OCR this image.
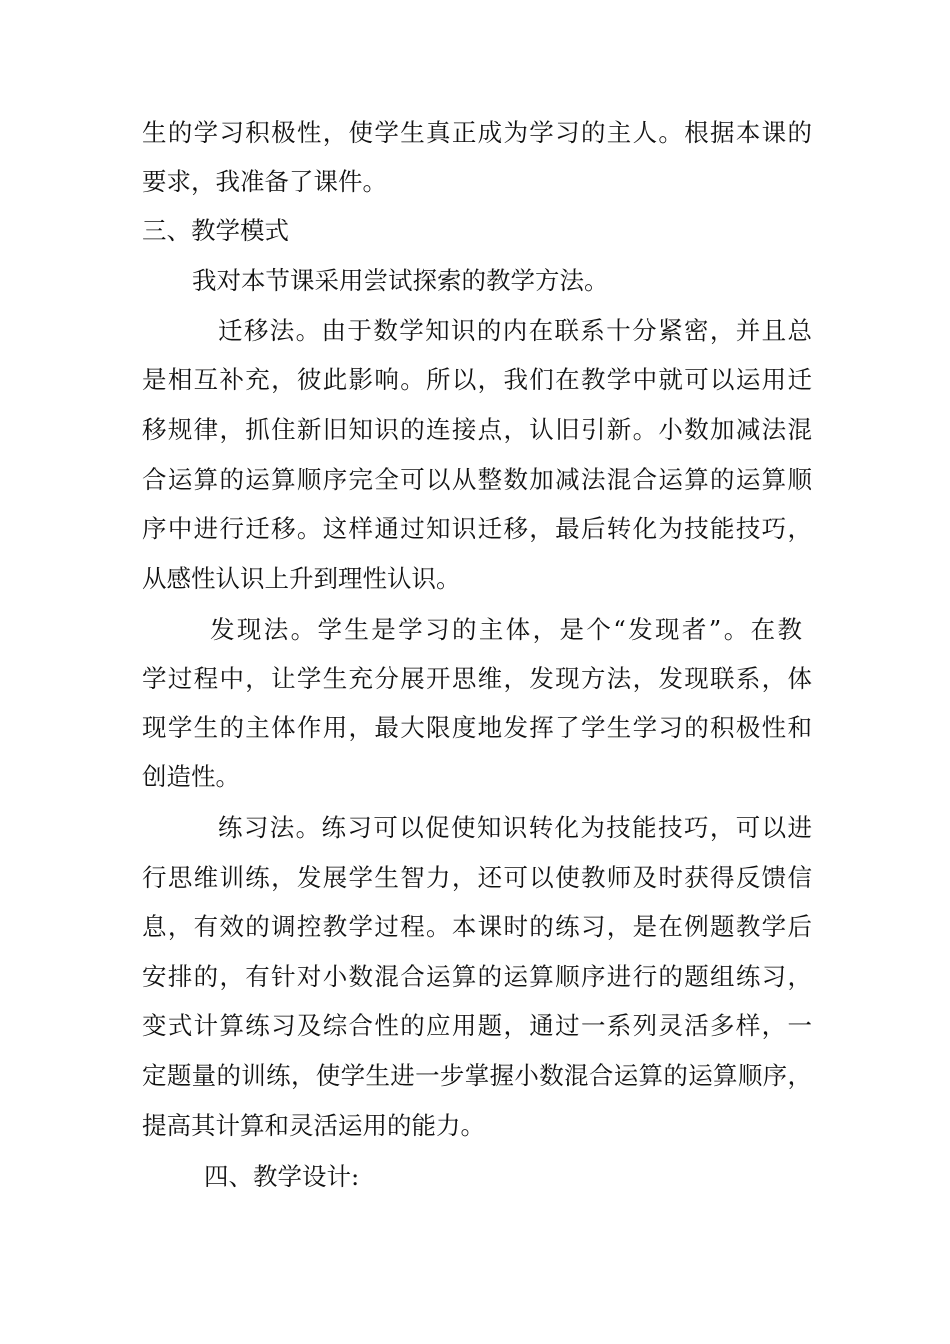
生的学习积极性，使学生真正成为学习的主人。根据本课的
要求，我准备了课件。
三、教学模式
我对本节课采用尝试探索的教学方法。
迁移法。由于数学知识的内在联系十分紧密，并且总
是相互补充，彼此影响。所以，我们在教学中就可以运用迁
移规律，抓住新旧知识的连接点，认旧引新。小数加减法混
合运算的运算顺序完全可以从整数加减法混合运算的运算顺
序中进行迁移。这样通过知识迁移，最后转化为技能技巧，
从感性认识上升到理性认识。
发现法。学生是学习的主体，是个“发现者”。在教
学过程中，让学生充分展开思维，发现方法，发现联系，体
现学生的主体作用，最大限度地发挥了学生学习的积极性和
创造性。
练习法。练习可以促使知识转化为技能技巧，可以进
行思维训练，发展学生智力，还可以使教师及时获得反馈信
息，有效的调控教学过程。本课时的练习，是在例题教学后
安排的，有针对小数混合运算的运算顺序进行的题组练习，
变式计算练习及综合性的应用题，通过一系列灵活多样，一
定题量的训练，使学生进一步掌握小数混合运算的运算顺序，
提高其计算和灵活运用的能力。
四、教学设计:
